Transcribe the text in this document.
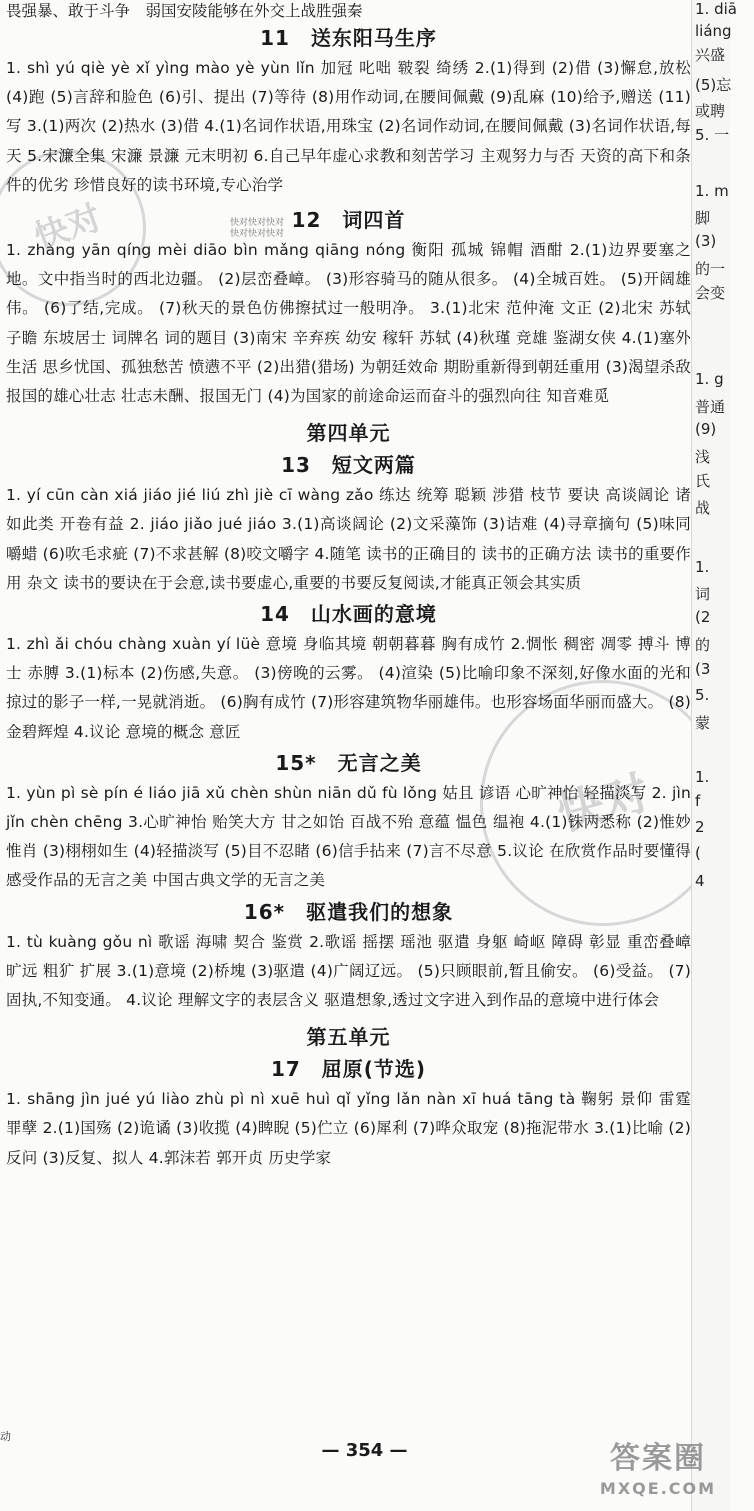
快对
快对

畏强暴、敢于斗争　弱国安陵能够在外交上战胜强秦

11　送东阳马生序

1. shì yú qiè yè xǐ yìng mào yè yùn lǐn 加冠 叱咄 皲裂 绮绣 2.(1)得到 (2)借 (3)懈怠,放松 (4)跑 (5)言辞和脸色 (6)引、提出 (7)等待 (8)用作动词,在腰间佩戴 (9)乱麻 (10)给予,赠送 (11)写 3.(1)两次 (2)热水 (3)借 4.(1)名词作状语,用珠宝 (2)名词作动词,在腰间佩戴 (3)名词作状语,每天 5.宋濂全集 宋濂 景濂 元末明初 6.自己早年虚心求教和刻苦学习 主观努力与否 天资的高下和条件的优劣 珍惜良好的读书环境,专心治学

12　词四首

1. zhàng yān qíng mèi diāo bìn mǎng qiāng nóng 衡阳 孤城 锦帽 酒酣 2.(1)边界要塞之地。文中指当时的西北边疆。 (2)层峦叠嶂。 (3)形容骑马的随从很多。 (4)全城百姓。 (5)开阔雄伟。 (6)了结,完成。 (7)秋天的景色仿佛擦拭过一般明净。 3.(1)北宋 范仲淹 文正 (2)北宋 苏轼 子瞻 东坡居士 词牌名 词的题目 (3)南宋 辛弃疾 幼安 稼轩 苏轼 (4)秋瑾 竞雄 鉴湖女侠 4.(1)塞外生活 思乡忧国、孤独愁苦 愤懑不平 (2)出猎(猎场) 为朝廷效命 期盼重新得到朝廷重用 (3)渴望杀敌报国的雄心壮志 壮志未酬、报国无门 (4)为国家的前途命运而奋斗的强烈向往 知音难觅

第四单元
13　短文两篇

1. yí cūn càn xiá jiáo jié liú zhì jiè cī wàng zǎo 练达 统筹 聪颖 涉猎 枝节 要诀 高谈阔论 诸如此类 开卷有益 2. jiáo jiǎo jué jiáo 3.(1)高谈阔论 (2)文采藻饰 (3)诘难 (4)寻章摘句 (5)味同嚼蜡 (6)吹毛求疵 (7)不求甚解 (8)咬文嚼字 4.随笔 读书的正确目的 读书的正确方法 读书的重要作用 杂文 读书的要诀在于会意,读书要虚心,重要的书要反复阅读,才能真正领会其实质

14　山水画的意境

1. zhì ǎi chóu chàng xuàn yí lüè 意境 身临其境 朝朝暮暮 胸有成竹 2.惆怅 稠密 凋零 搏斗 博士 赤膊 3.(1)标本 (2)伤感,失意。 (3)傍晚的云雾。 (4)渲染 (5)比喻印象不深刻,好像水面的光和掠过的影子一样,一晃就消逝。 (6)胸有成竹 (7)形容建筑物华丽雄伟。也形容场面华丽而盛大。 (8)金碧辉煌 4.议论 意境的概念 意匠

15*　无言之美

1. yùn pì sè pín é liáo jiā xǔ chèn shùn niān dǔ fù lǒng 姑且 谚语 心旷神怡 轻描淡写 2. jìn jǐn chèn chēng 3.心旷神怡 贻笑大方 甘之如饴 百战不殆 意蕴 愠色 缊袍 4.(1)铢两悉称 (2)惟妙惟肖 (3)栩栩如生 (4)轻描淡写 (5)目不忍睹 (6)信手拈来 (7)言不尽意 5.议论 在欣赏作品时要懂得感受作品的无言之美 中国古典文学的无言之美

16*　驱遣我们的想象

1. tù kuàng gǒu nì 歌谣 海啸 契合 鉴赏 2.歌谣 摇摆 瑶池 驱遣 身躯 崎岖 障碍 彰显 重峦叠嶂 旷远 粗犷 扩展 3.(1)意境 (2)桥塊 (3)驱遣 (4)广阔辽远。 (5)只顾眼前,暂且偷安。 (6)受益。 (7)固执,不知变通。 4.议论 理解文字的表层含义 驱遣想象,透过文字进入到作品的意境中进行体会

第五单元
17　屈原(节选)

1. shāng jìn jué yú liào zhù pì nì xuē huì qǐ yǐng lǎn nàn xī huá tāng tà 鞠躬 景仰 雷霆 罪孽 2.(1)国殇 (2)诡谲 (3)收揽 (4)睥睨 (5)伫立 (6)犀利 (7)哗众取宠 (8)拖泥带水 3.(1)比喻 (2)反问 (3)反复、拟人 4.郭沫若 郭开贞 历史学家

快对快对快对
快对快对快对
动
1. diā
liáng
兴盛
(5)忘
或聘
5. 一
1. m
脚
(3)
的一
会变
1. g
普通
(9)
浅
氏
战
1.
词
(2
的
(3
5.
蒙
1.
f
2
(
4
— 354 —	答案圈
MXQE.COM
